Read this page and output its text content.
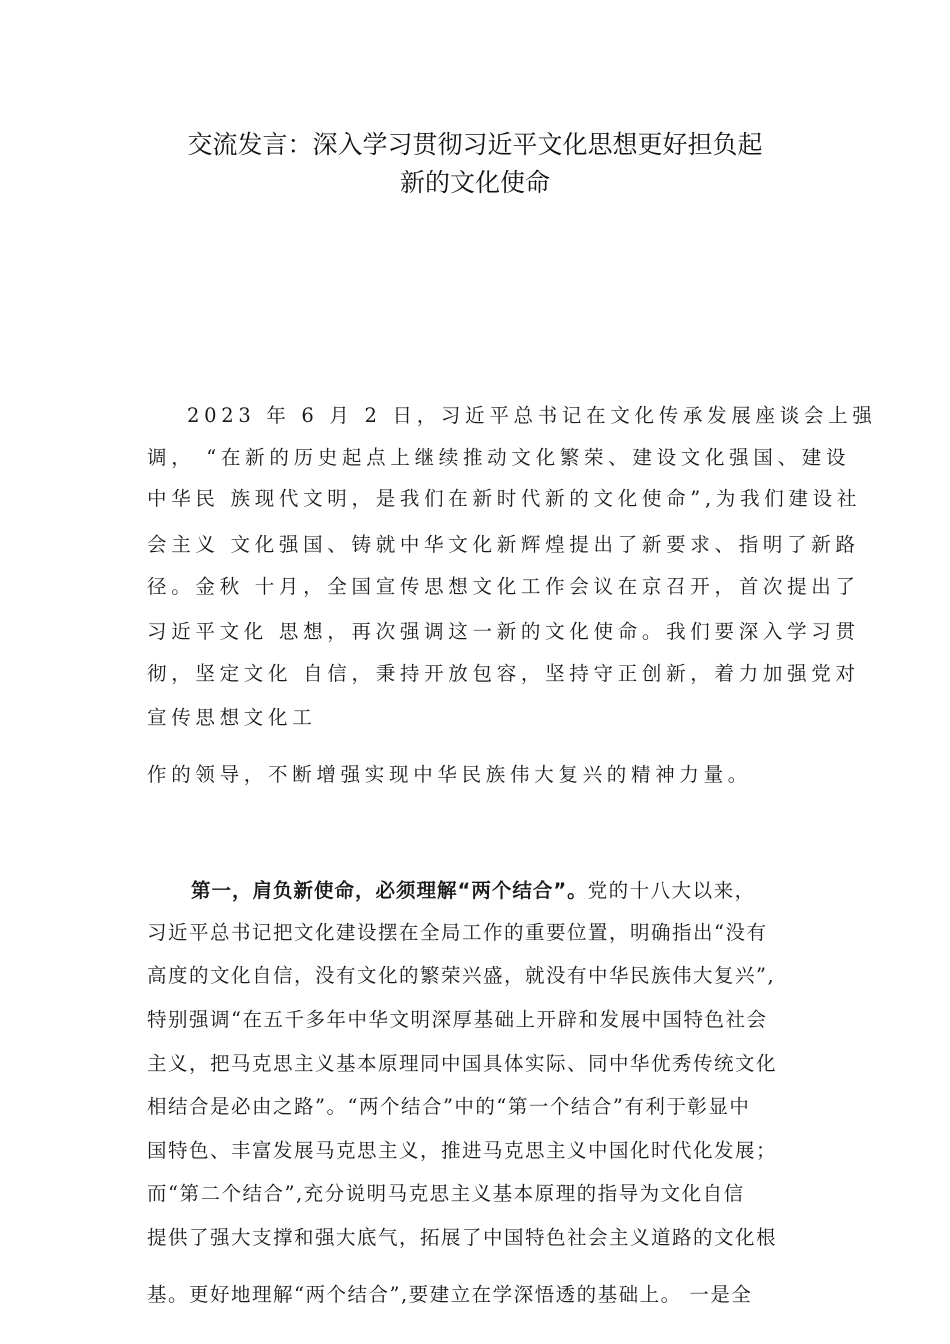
交流发言：深入学习贯彻习近平文化思想更好担负起
新的文化使命
2023 年 6 月 2 日，习近平总书记在文化传承发展座谈会上强
调， “在新的历史起点上继续推动文化繁荣、建设文化强国、建设
中华民 族现代文明，是我们在新时代新的文化使命”,为我们建设社
会主义 文化强国、铸就中华文化新辉煌提出了新要求、指明了新路
径。金秋 十月，全国宣传思想文化工作会议在京召开，首次提出了
习近平文化 思想，再次强调这一新的文化使命。我们要深入学习贯
彻，坚定文化 自信，秉持开放包容，坚持守正创新，着力加强党对
宣传思想文化工
作的领导，不断增强实现中华民族伟大复兴的精神力量。
第一，肩负新使命，必须理解“两个结合”。党的十八大以来，
习近平总书记把文化建设摆在全局工作的重要位置，明确指出“没有
高度的文化自信，没有文化的繁荣兴盛，就没有中华民族伟大复兴”,
特别强调“在五千多年中华文明深厚基础上开辟和发展中国特色社会
主义，把马克思主义基本原理同中国具体实际、同中华优秀传统文化
相结合是必由之路”。“两个结合”中的“第一个结合”有利于彰显中
国特色、丰富发展马克思主义，推进马克思主义中国化时代化发展；
而“第二个结合”,充分说明马克思主义基本原理的指导为文化自信
提供了强大支撑和强大底气，拓展了中国特色社会主义道路的文化根
基。更好地理解“两个结合”,要建立在学深悟透的基础上。 一是全
